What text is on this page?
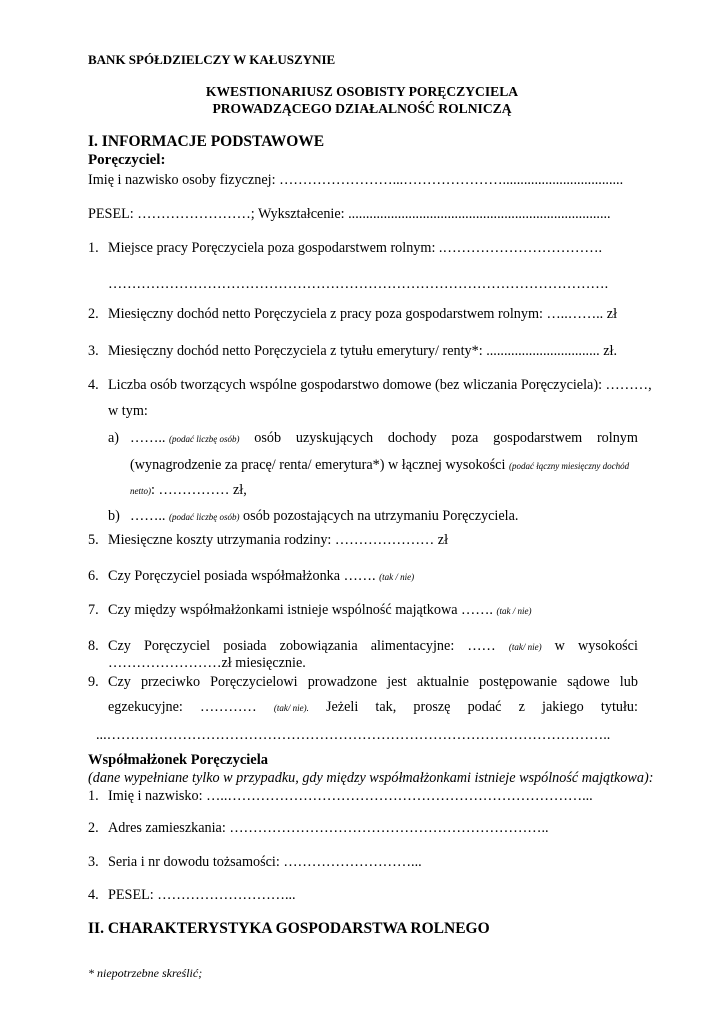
BANK SPÓŁDZIELCZY W KAŁUSZYNIE
KWESTIONARIUSZ OSOBISTY PORĘCZYCIELA
PROWADZĄCEGO DZIAŁALNOŚĆ ROLNICZĄ
I. INFORMACJE PODSTAWOWE
Poręczyciel:
Imię i nazwisko osoby fizycznej: ……………………...…………………..................................
PESEL: ……………………; Wykształcenie: ..........................................................................
1. Miejsce pracy Poręczyciela poza gospodarstwem rolnym: .…………………………….
…………………………………………………………………………………………….
2. Miesięczny dochód netto Poręczyciela z pracy poza gospodarstwem rolnym: …..…….. zł
3. Miesięczny dochód netto Poręczyciela z tytułu emerytury/ renty*: ................................ zł.
4. Liczba osób tworzących wspólne gospodarstwo domowe (bez wliczania Poręczyciela): ………,
w tym:
a) …….. (podać liczbę osób) osób uzyskujących dochody poza gospodarstwem rolnym
(wynagrodzenie za pracę/ renta/ emerytura*) w łącznej wysokości (podać łączny miesięczny dochód
netto): …………… zł,
b) …….. (podać liczbę osób) osób pozostających na utrzymaniu Poręczyciela.
5. Miesięczne koszty utrzymania rodziny: ………………… zł
6. Czy Poręczyciel posiada współmałżonka ……. (tak / nie)
7. Czy między współmałżonkami istnieje wspólność majątkowa ……. (tak / nie)
8. Czy Poręczyciel posiada zobowiązania alimentacyjne: …… (tak/ nie) w wysokości
……………………zł miesięcznie.
9. Czy przeciwko Poręczycielowi prowadzone jest aktualnie postępowanie sądowe lub
egzekucyjne: ………… (tak/ nie). Jeżeli tak, proszę podać z jakiego tytułu:
...……………………………………………………………………………………………..
Współmałżonek Poręczyciela
(dane wypełniane tylko w przypadku, gdy między współmałżonkami istnieje wspólność majątkowa):
1. Imię i nazwisko: …..…………………………………………………………………...
2. Adres zamieszkania: …………………………………………………………..
3. Seria i nr dowodu tożsamości: ………………………...
4. PESEL: ………………………...
II. CHARAKTERYSTYKA GOSPODARSTWA ROLNEGO
* niepotrzebne skreślić;
